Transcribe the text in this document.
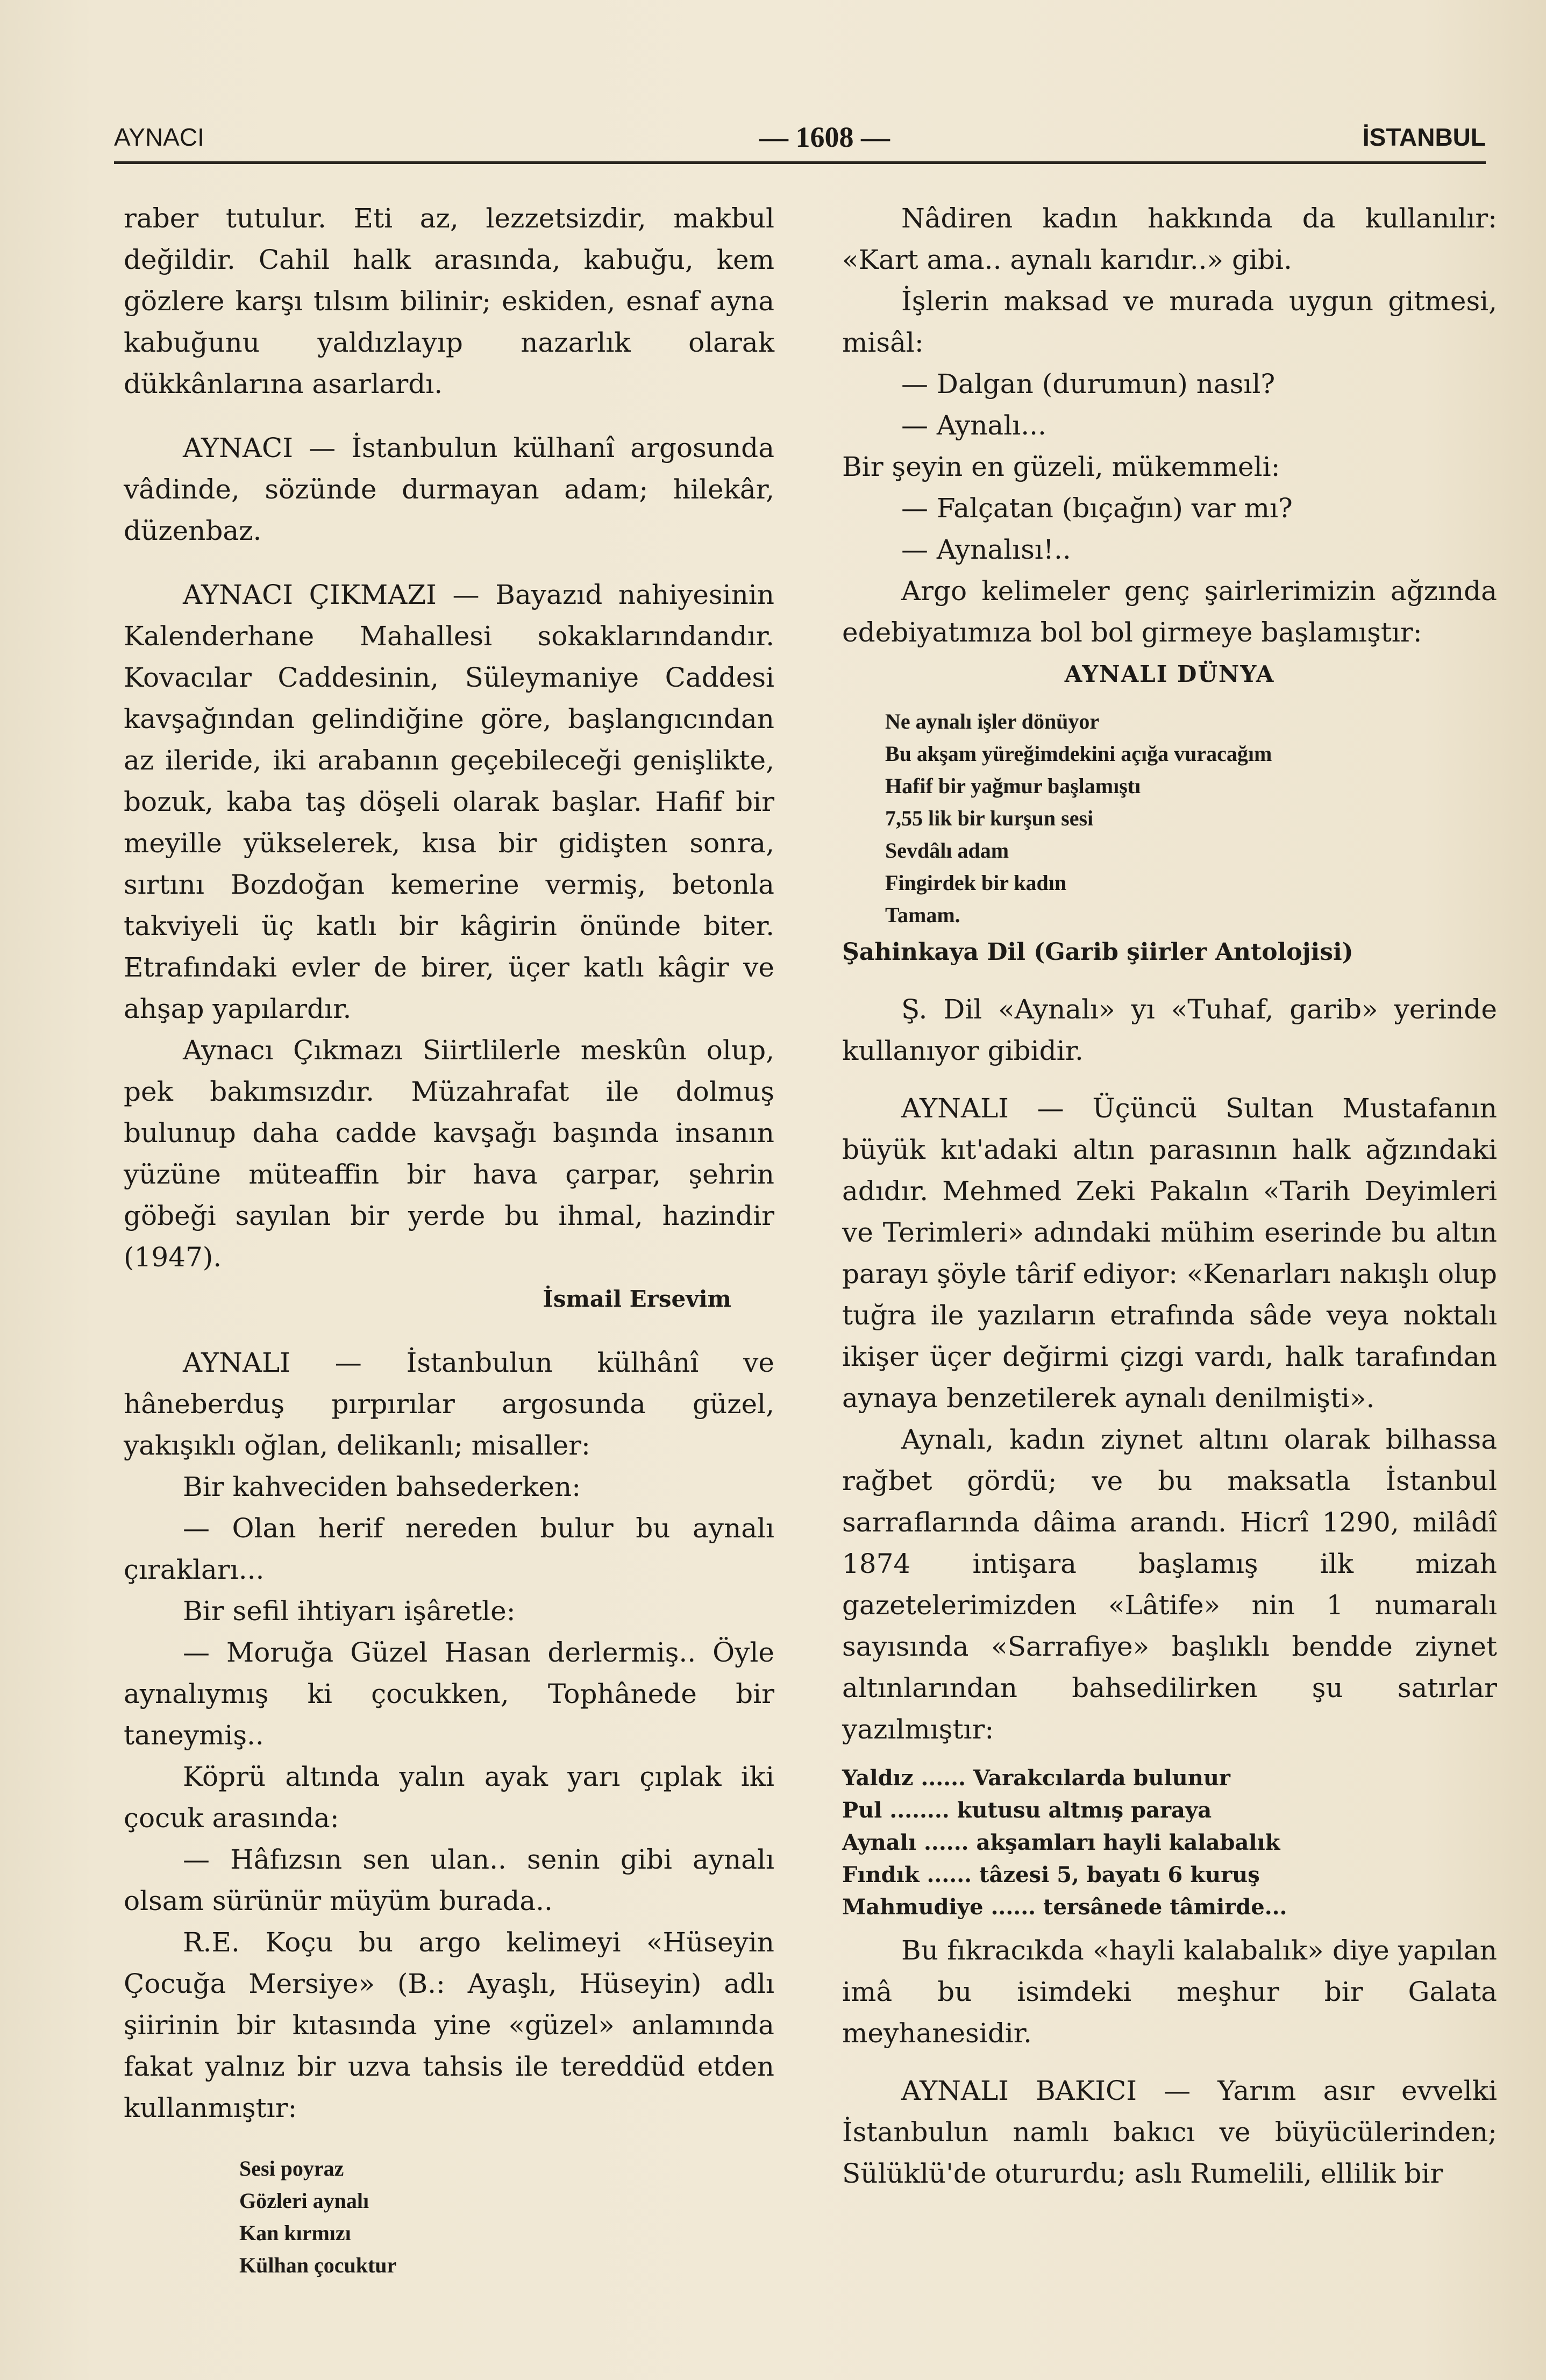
AYNACI	— 1608 —	İSTANBUL

raber tutulur. Eti az, lezzetsizdir, makbul değildir. Cahil halk arasında, kabuğu, kem gözlere karşı tılsım bilinir; eskiden, esnaf ayna kabuğunu yaldızlayıp nazarlık olarak dükkânlarına asarlardı.

AYNACI — İstanbulun külhanî argosunda vâdinde, sözünde durmayan adam; hilekâr, düzenbaz.

AYNACI ÇIKMAZI — Bayazıd nahiyesinin Kalenderhane Mahallesi sokaklarındandır. Kovacılar Caddesinin, Süleymaniye Caddesi kavşağından gelindiğine göre, başlangıcından az ileride, iki arabanın geçebileceği genişlikte, bozuk, kaba taş döşeli olarak başlar. Hafif bir meyille yükselerek, kısa bir gidişten sonra, sırtını Bozdoğan kemerine vermiş, betonla takviyeli üç katlı bir kâgirin önünde biter. Etrafındaki evler de birer, üçer katlı kâgir ve ahşap yapılardır.

Aynacı Çıkmazı Siirtlilerle meskûn olup, pek bakımsızdır. Müzahrafat ile dolmuş bulunup daha cadde kavşağı başında insanın yüzüne müteaffin bir hava çarpar, şehrin göbeği sayılan bir yerde bu ihmal, hazindir (1947).

İsmail Ersevim

AYNALI — İstanbulun külhânî ve hâneberduş pırpırılar argosunda güzel, yakışıklı oğlan, delikanlı; misaller:

Bir kahveciden bahsederken:

— Olan herif nereden bulur bu aynalı çırakları...

Bir sefil ihtiyarı işâretle:

— Moruğa Güzel Hasan derlermiş.. Öyle aynalıymış ki çocukken, Tophânede bir taneymiş..

Köprü altında yalın ayak yarı çıplak iki çocuk arasında:

— Hâfızsın sen ulan.. senin gibi aynalı olsam sürünür müyüm burada..

R.E. Koçu bu argo kelimeyi «Hüseyin Çocuğa Mersiye» (B.: Ayaşlı, Hüseyin) adlı şiirinin bir kıtasında yine «güzel» anlamında fakat yalnız bir uzva tahsis ile tereddüd etden kullanmıştır:

Sesi poyraz
Gözleri aynalı
Kan kırmızı
Külhan çocuktur

Nâdiren kadın hakkında da kullanılır: «Kart ama.. aynalı karıdır..» gibi.

İşlerin maksad ve murada uygun gitmesi, misâl:

— Dalgan (durumun) nasıl?

— Aynalı...

Bir şeyin en güzeli, mükemmeli:

— Falçatan (bıçağın) var mı?

— Aynalısı!..

Argo kelimeler genç şairlerimizin ağzında edebiyatımıza bol bol girmeye başlamıştır:

AYNALI DÜNYA

Ne aynalı işler dönüyor
Bu akşam yüreğimdekini açığa vuracağım
Hafif bir yağmur başlamıştı
7,55 lik bir kurşun sesi
Sevdâlı adam
Fingirdek bir kadın
Tamam.

Şahinkaya Dil (Garib şiirler Antolojisi)

Ş. Dil «Aynalı» yı «Tuhaf, garib» yerinde kullanıyor gibidir.

AYNALI — Üçüncü Sultan Mustafanın büyük kıt'adaki altın parasının halk ağzındaki adıdır. Mehmed Zeki Pakalın «Tarih Deyimleri ve Terimleri» adındaki mühim eserinde bu altın parayı şöyle târif ediyor: «Kenarları nakışlı olup tuğra ile yazıların etrafında sâde veya noktalı ikişer üçer değirmi çizgi vardı, halk tarafından aynaya benzetilerek aynalı denilmişti».

Aynalı, kadın ziynet altını olarak bilhassa rağbet gördü; ve bu maksatla İstanbul sarraflarında dâima arandı. Hicrî 1290, milâdî 1874 intişara başlamış ilk mizah gazetelerimizden «Lâtife» nin 1 numaralı sayısında «Sarrafiye» başlıklı bendde ziynet altınlarından bahsedilirken şu satırlar yazılmıştır:

Yaldız ...... Varakcılarda bulunur
Pul ........ kutusu altmış paraya
Aynalı ...... akşamları hayli kalabalık
Fındık ...... tâzesi 5, bayatı 6 kuruş
Mahmudiye ...... tersânede tâmirde...

Bu fıkracıkda «hayli kalabalık» diye yapılan imâ bu isimdeki meşhur bir Galata meyhanesidir.

AYNALI BAKICI — Yarım asır evvelki İstanbulun namlı bakıcı ve büyücülerinden; Sülüklü'de otururdu; aslı Rumelili, ellilik bir
